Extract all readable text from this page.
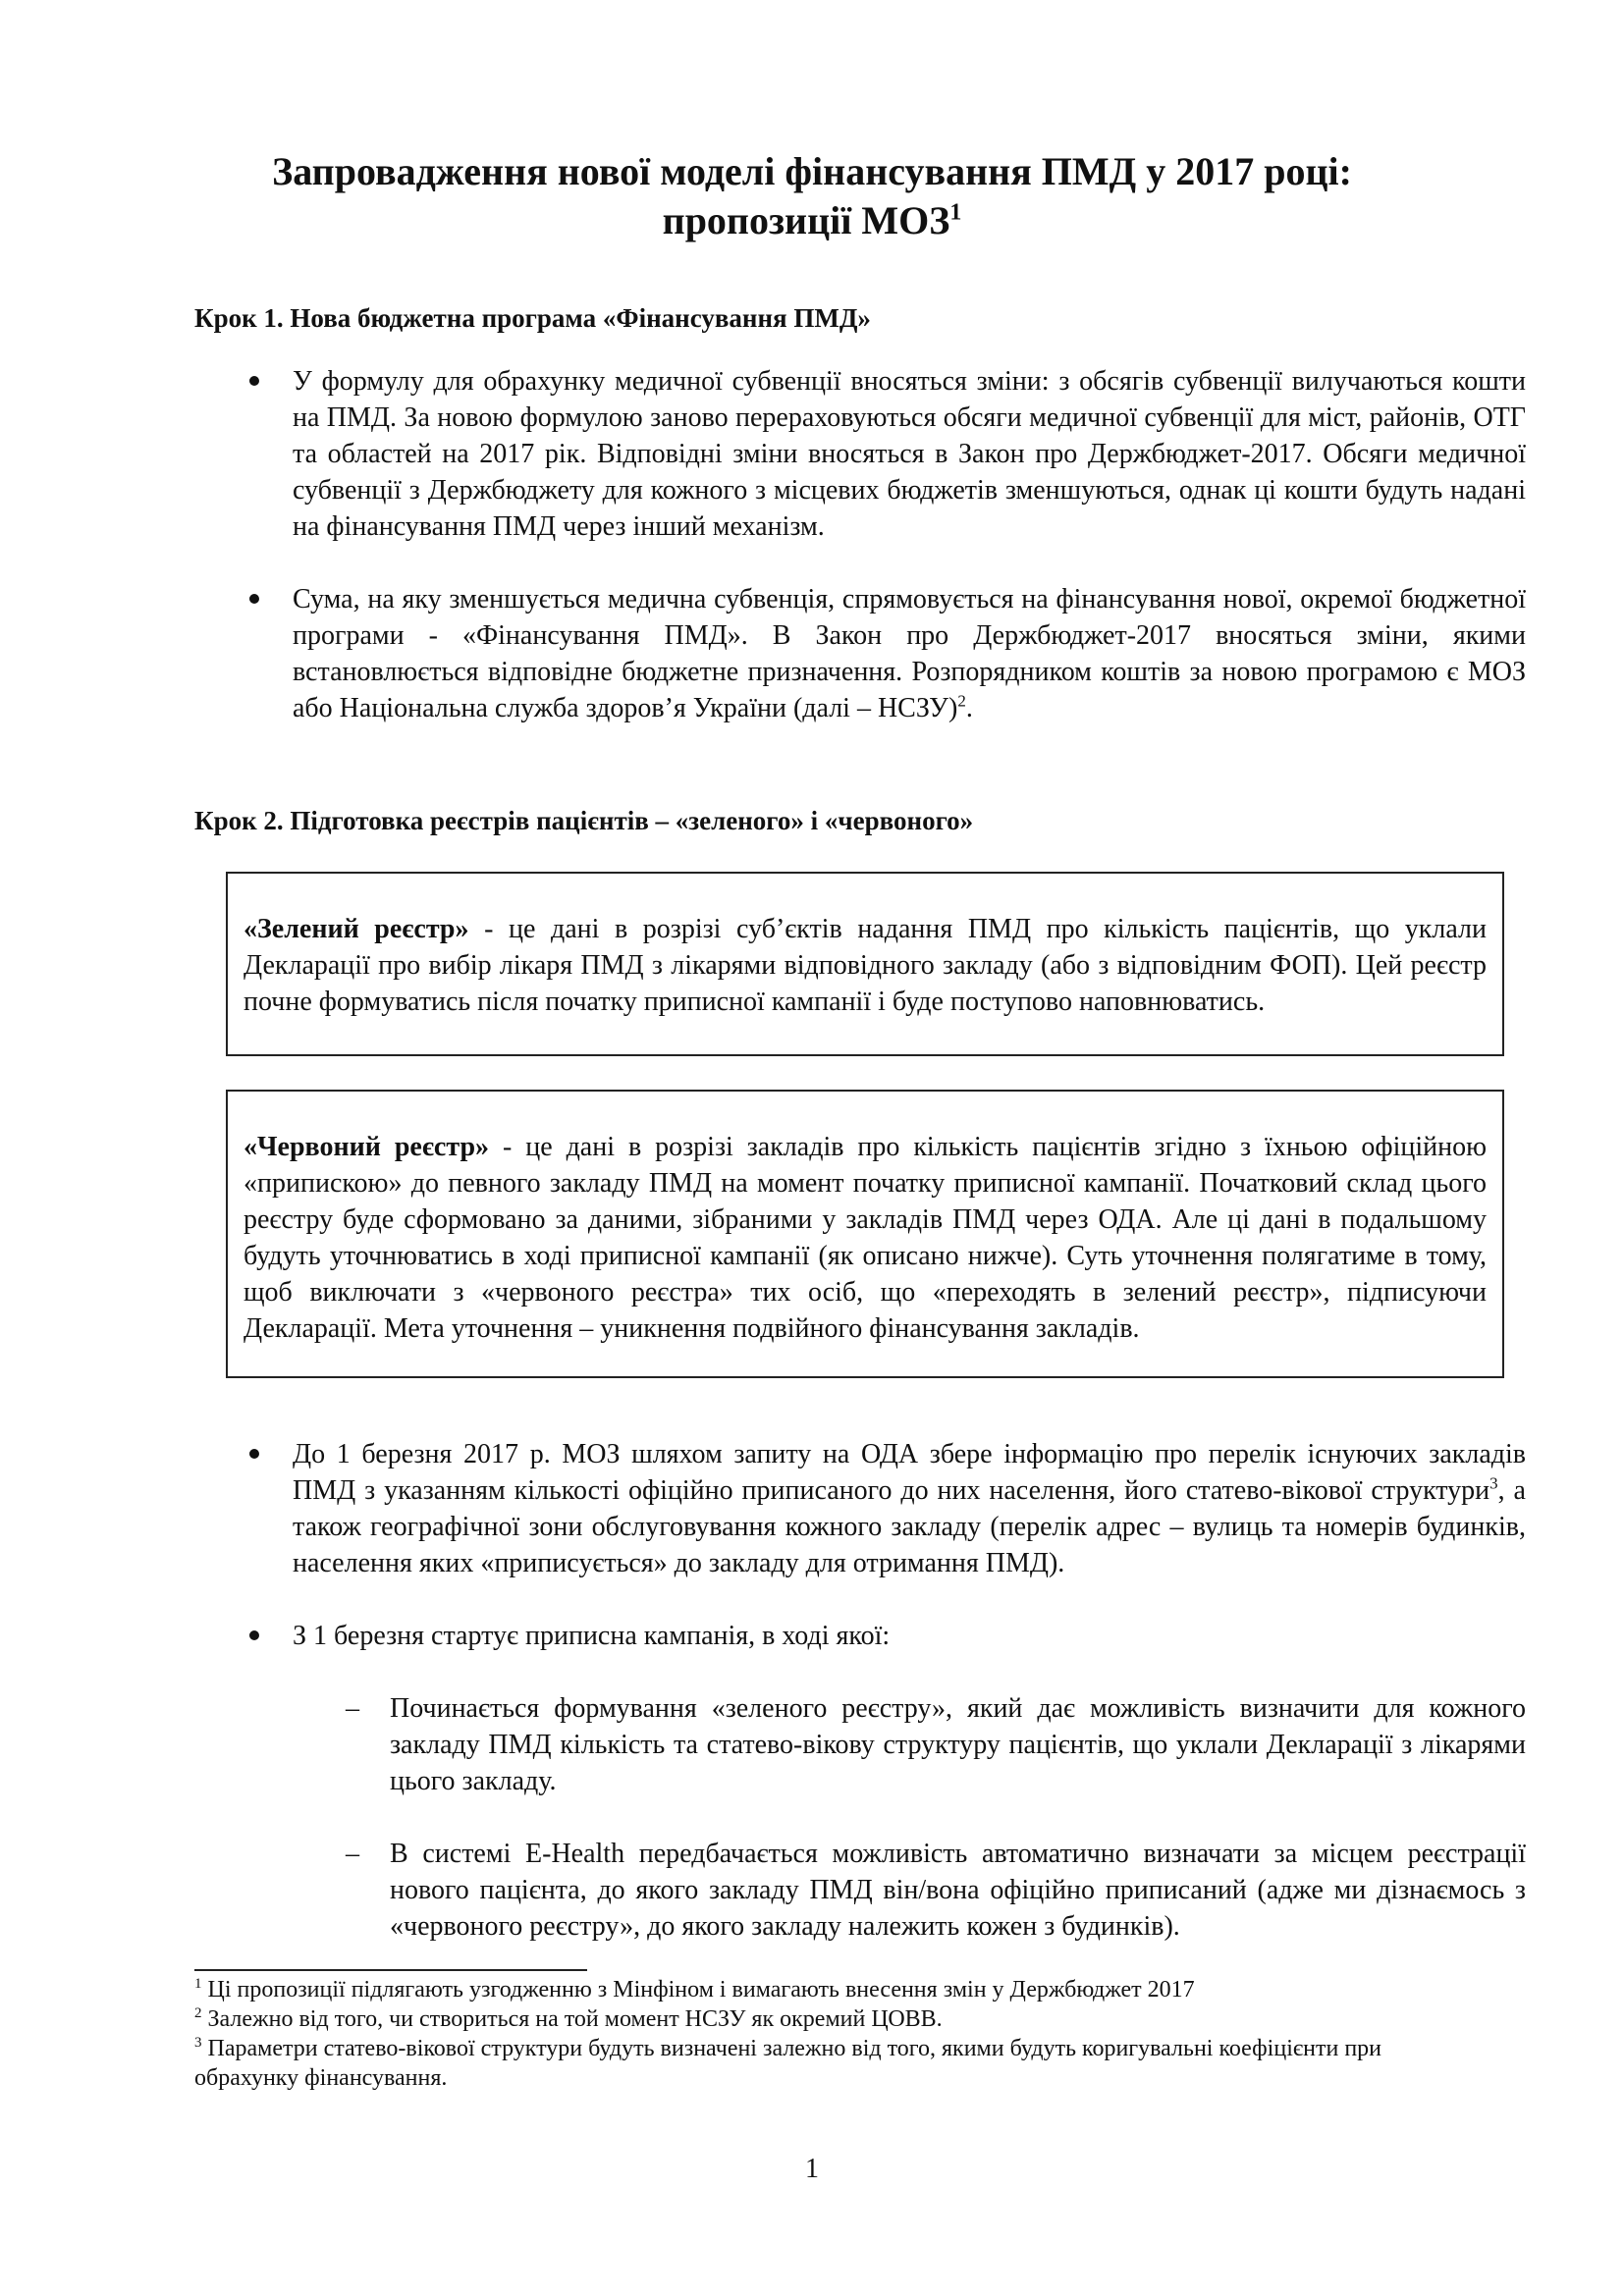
Запровадження нової моделі фінансування ПМД у 2017 році:
пропозиції МОЗ$^1$
Крок 1. Нова бюджетна програма «Фінансування ПМД»
У формулу для обрахунку медичної субвенції вносяться зміни: з обсягів субвенції вилучаються кошти на ПМД. За новою формулою заново перераховуються обсяги медичної субвенції для міст, районів, ОТГ та областей на 2017 рік. Відповідні зміни вносяться в Закон про Держбюджет-2017. Обсяги медичної субвенції з Держбюджету для кожного з місцевих бюджетів зменшуються, однак ці кошти будуть надані на фінансування ПМД через інший механізм.
Сума, на яку зменшується медична субвенція, спрямовується на фінансування нової, окремої бюджетної програми - «Фінансування ПМД». В Закон про Держбюджет-2017 вносяться зміни, якими встановлюється відповідне бюджетне призначення. Розпорядником коштів за новою програмою є МОЗ або Національна служба здоров’я України (далі – НСЗУ)$^2$.
Крок 2. Підготовка реєстрів пацієнтів – «зеленого» і «червоного»

«Зелений реєстр» - це дані в розрізі суб’єктів надання ПМД про кількість пацієнтів, що уклали Декларації про вибір лікаря ПМД з лікарями відповідного закладу (або з відповідним ФОП). Цей реєстр почне формуватись після початку приписної кампанії і буде поступово наповнюватись.

«Червоний реєстр» - це дані в розрізі закладів про кількість пацієнтів згідно з їхньою офіційною «припискою» до певного закладу ПМД на момент початку приписної кампанії. Початковий склад цього реєстру буде сформовано за даними, зібраними у закладів ПМД через ОДА. Але ці дані в подальшому будуть уточнюватись в ході приписної кампанії (як описано нижче). Суть уточнення полягатиме в тому, щоб виключати з «червоного реєстра» тих осіб, що «переходять в зелений реєстр», підписуючи Декларації. Мета уточнення – уникнення подвійного фінансування закладів.

До 1 березня 2017 р. МОЗ шляхом запиту на ОДА збере інформацію про перелік існуючих закладів ПМД з указанням кількості офіційно приписаного до них населення, його статево-вікової структури$^3$, а також географічної зони обслуговування кожного закладу (перелік адрес – вулиць та номерів будинків, населення яких «приписується» до закладу для отримання ПМД).
З 1 березня стартує приписна кампанія, в ході якої:
– Починається формування «зеленого реєстру», який дає можливість визначити для кожного закладу ПМД кількість та статево-вікову структуру пацієнтів, що уклали Декларації з лікарями цього закладу.
– В системі E-Health передбачається можливість автоматично визначати за місцем реєстрації нового пацієнта, до якого закладу ПМД він/вона офіційно приписаний (адже ми дізнаємось з «червоного реєстру», до якого закладу належить кожен з будинків).
$^1$ Ці пропозиції підлягають узгодженню з Мінфіном і вимагають внесення змін у Держбюджет 2017
$^2$ Залежно від того, чи створиться на той момент НСЗУ як окремий ЦОВВ.
$^3$ Параметри статево-вікової структури будуть визначені залежно від того, якими будуть коригувальні коефіцієнти при обрахунку фінансування.
1
